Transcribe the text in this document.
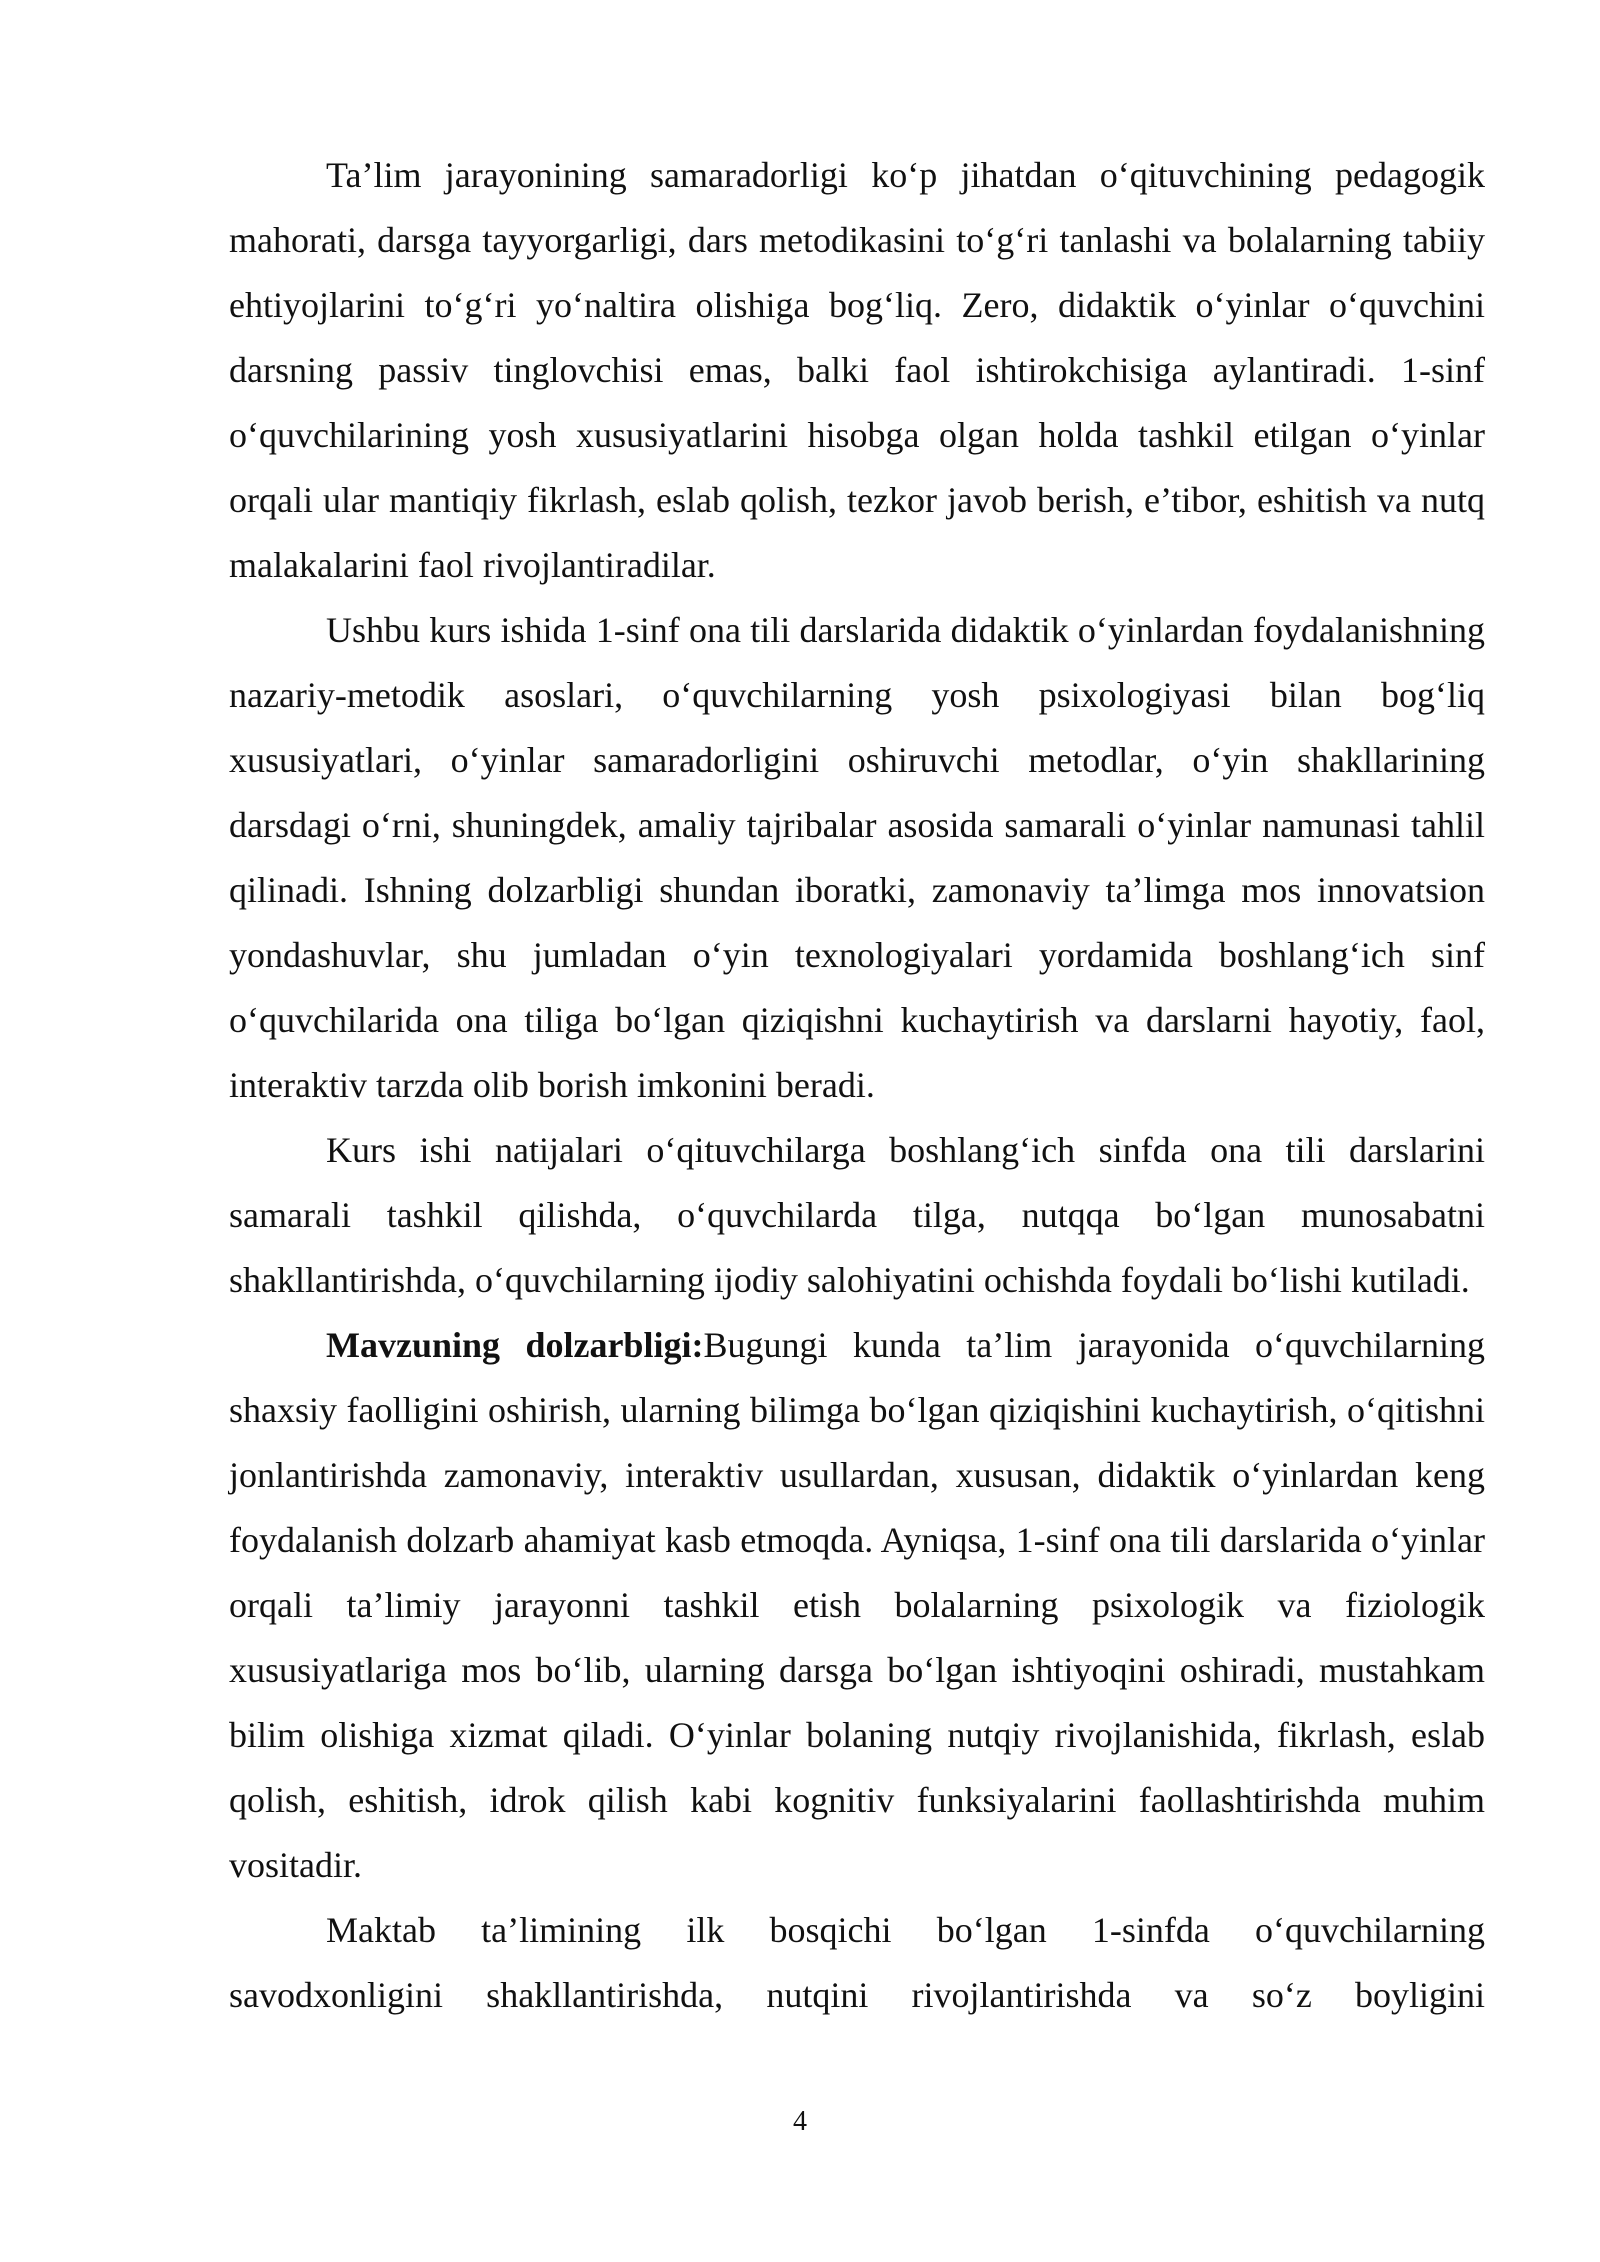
Ta’lim jarayonining samaradorligi ko‘p jihatdan o‘qituvchining pedagogik mahorati, darsga tayyorgarligi, dars metodikasini to‘g‘ri tanlashi va bolalarning tabiiy ehtiyojlarini to‘g‘ri yo‘naltira olishiga bog‘liq. Zero, didaktik o‘yinlar o‘quvchini darsning passiv tinglovchisi emas, balki faol ishtirokchisiga aylantiradi. 1-sinf o‘quvchilarining yosh xususiyatlarini hisobga olgan holda tashkil etilgan o‘yinlar orqali ular mantiqiy fikrlash, eslab qolish, tezkor javob berish, e’tibor, eshitish va nutq malakalarini faol rivojlantiradilar.

Ushbu kurs ishida 1-sinf ona tili darslarida didaktik o‘yinlardan foydalanishning nazariy-metodik asoslari, o‘quvchilarning yosh psixologiyasi bilan bog‘liq xususiyatlari, o‘yinlar samaradorligini oshiruvchi metodlar, o‘yin shakllarining darsdagi o‘rni, shuningdek, amaliy tajribalar asosida samarali o‘yinlar namunasi tahlil qilinadi. Ishning dolzarbligi shundan iboratki, zamonaviy ta’limga mos innovatsion yondashuvlar, shu jumladan o‘yin texnologiyalari yordamida boshlang‘ich sinf o‘quvchilarida ona tiliga bo‘lgan qiziqishni kuchaytirish va darslarni hayotiy, faol, interaktiv tarzda olib borish imkonini beradi.

Kurs ishi natijalari o‘qituvchilarga boshlang‘ich sinfda ona tili darslarini samarali tashkil qilishda, o‘quvchilarda tilga, nutqqa bo‘lgan munosabatni shakllantirishda, o‘quvchilarning ijodiy salohiyatini ochishda foydali bo‘lishi kutiladi.

Mavzuning dolzarbligi:Bugungi kunda ta’lim jarayonida o‘quvchilarning shaxsiy faolligini oshirish, ularning bilimga bo‘lgan qiziqishini kuchaytirish, o‘qitishni jonlantirishda zamonaviy, interaktiv usullardan, xususan, didaktik o‘yinlardan keng foydalanish dolzarb ahamiyat kasb etmoqda. Ayniqsa, 1-sinf ona tili darslarida o‘yinlar orqali ta’limiy jarayonni tashkil etish bolalarning psixologik va fiziologik xususiyatlariga mos bo‘lib, ularning darsga bo‘lgan ishtiyoqini oshiradi, mustahkam bilim olishiga xizmat qiladi. O‘yinlar bolaning nutqiy rivojlanishida, fikrlash, eslab qolish, eshitish, idrok qilish kabi kognitiv funksiyalarini faollashtirishda muhim vositadir.

Maktab ta’limining ilk bosqichi bo‘lgan 1-sinfda o‘quvchilarning savodxonligini shakllantirishda, nutqini rivojlantirishda va so‘z boyligini

4
